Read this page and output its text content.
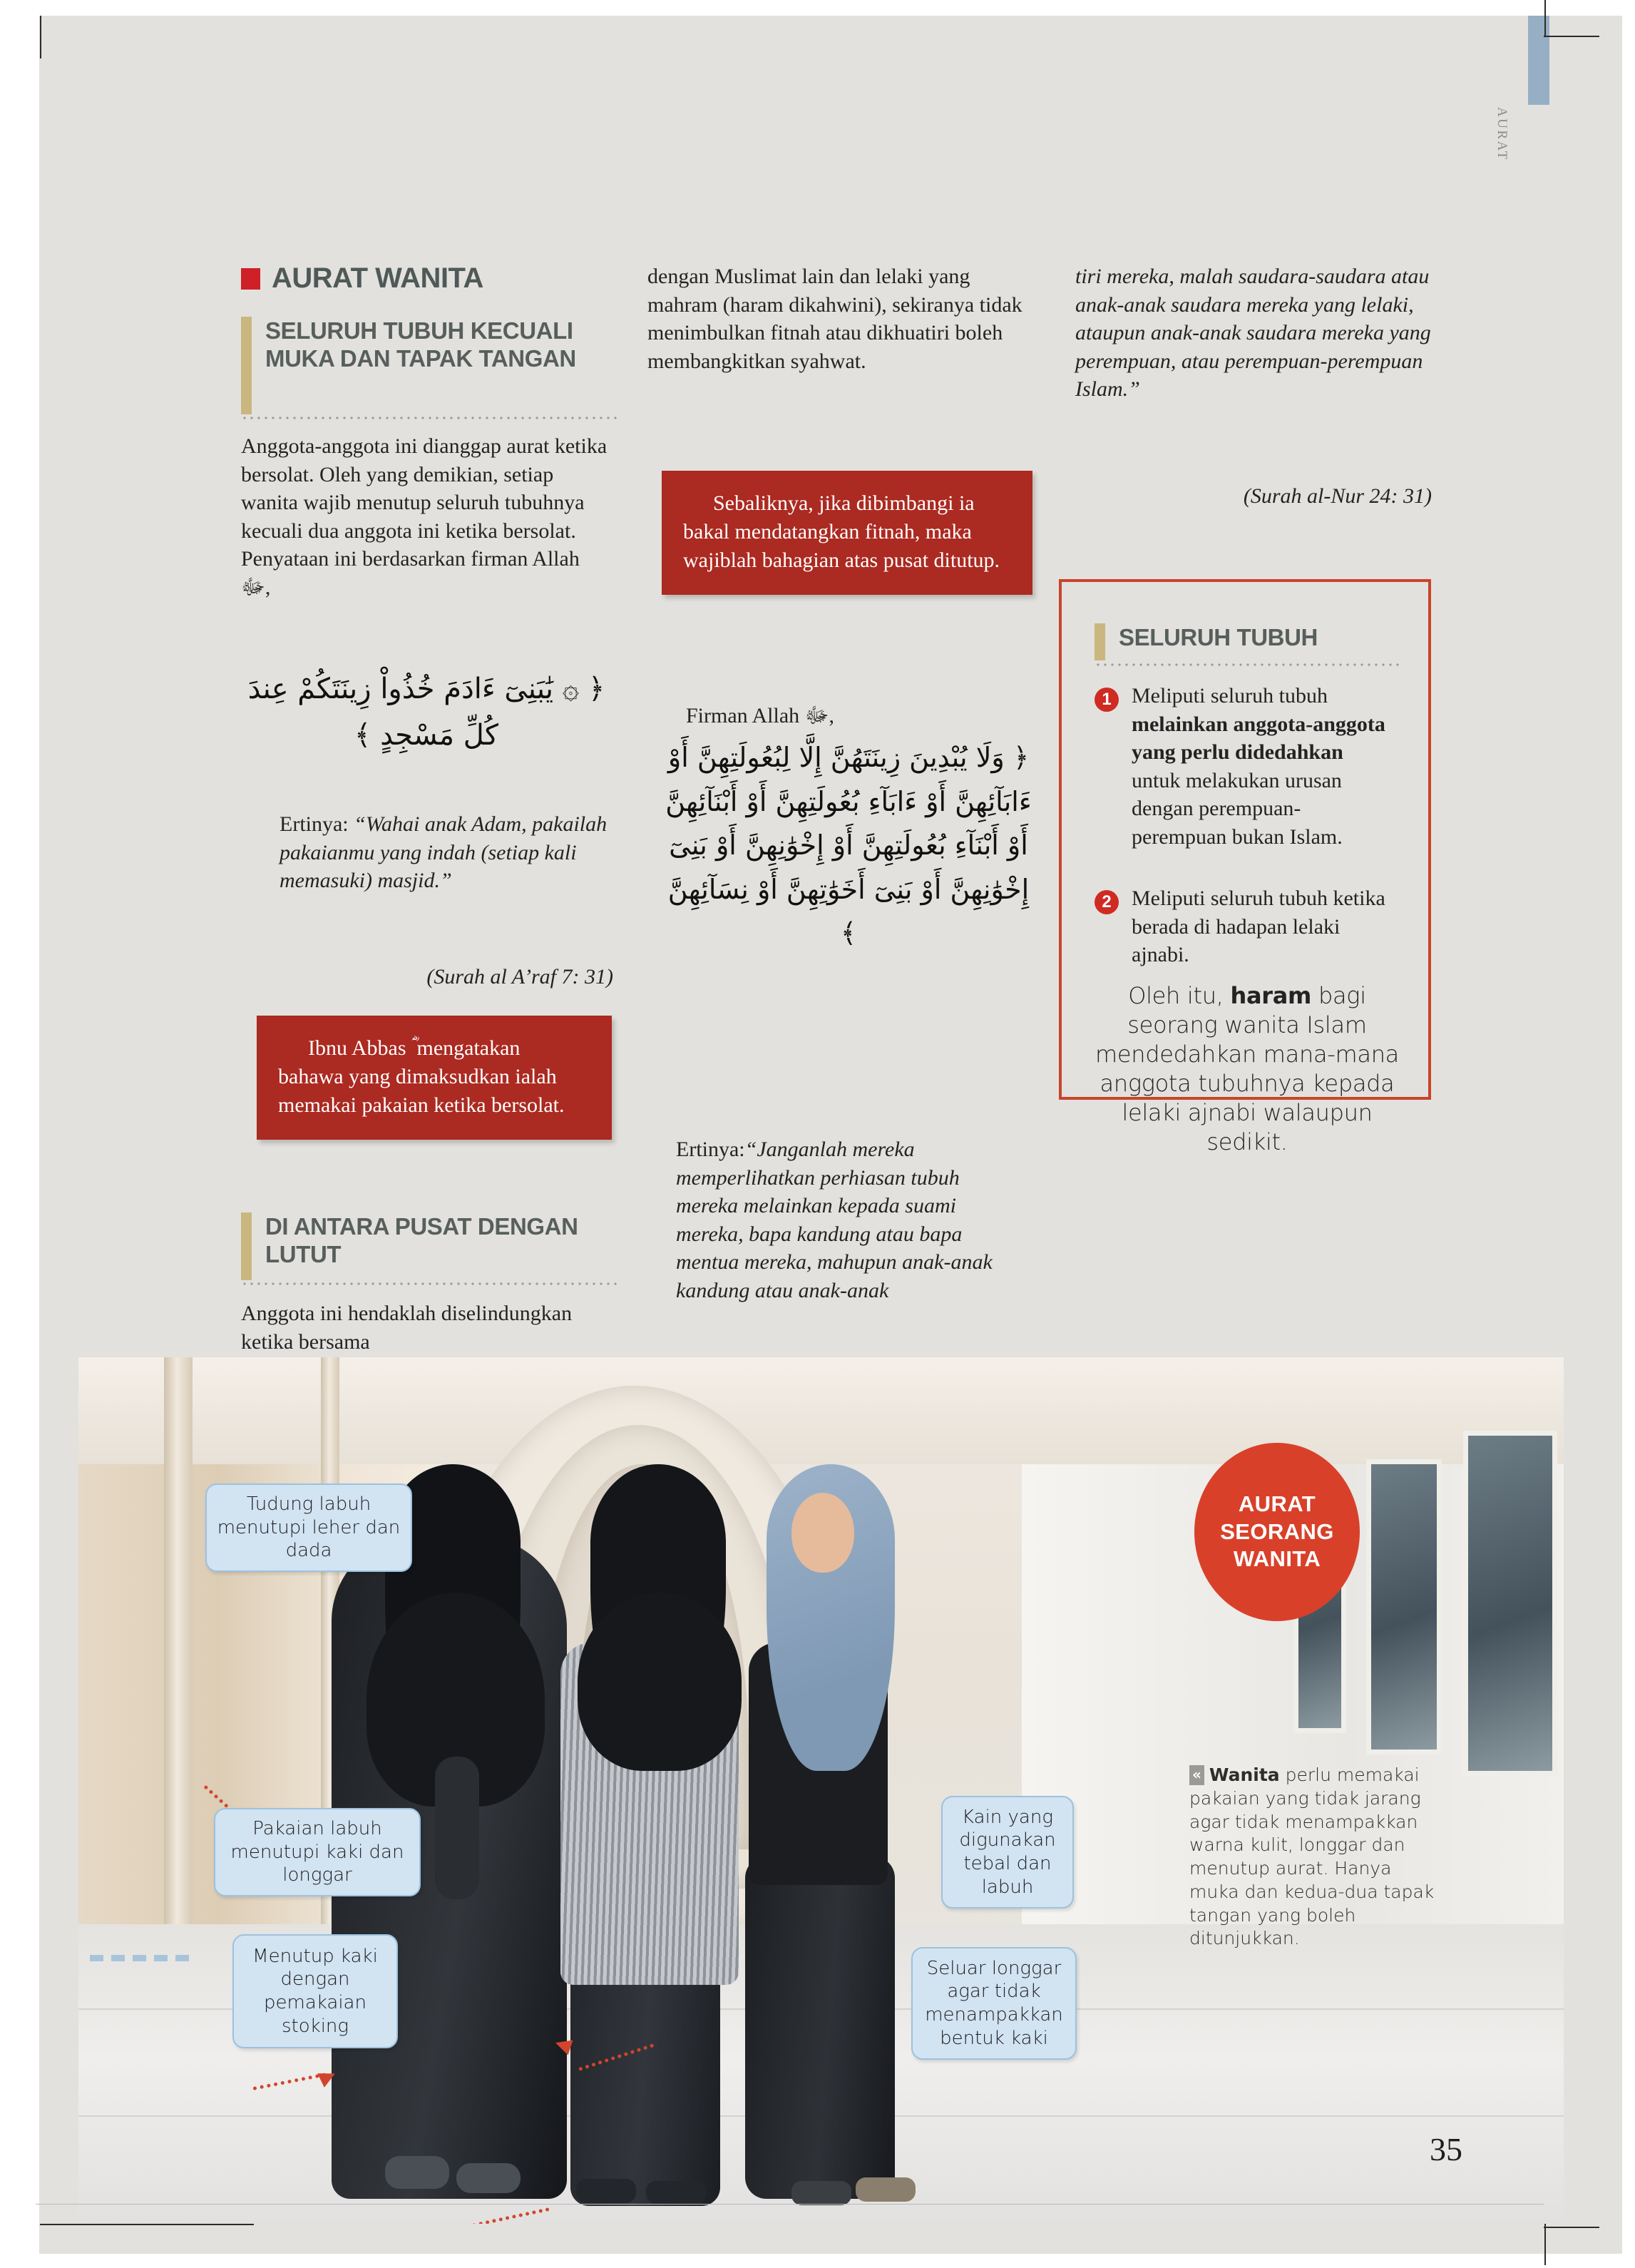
Tudung labuh menutupi leher dan dada
Pakaian labuh menutupi kaki dan longgar
Menutup kaki dengan pemakaian stoking
Kain yang digunakan tebal dan labuh
Seluar longgar agar tidak menampakkan bentuk kaki
AURAT
SEORANG
WANITA
« Wanita perlu memakai pakaian yang tidak jarang agar tidak menampakkan warna kulit, longgar dan menutup aurat. Hanya muka dan kedua-dua tapak tangan yang boleh ditunjukkan.
35
AURAT
AURAT WANITA
SELURUH TUBUH KECUALI MUKA DAN TAPAK TANGAN
Anggota-anggota ini dianggap aurat ketika bersolat. Oleh yang demikian, setiap wanita wajib menutup seluruh tubuhnya kecuali dua anggota ini ketika bersolat. Penyataan ini berdasarkan firman Allah ﷻ,
﴿ ۞ يَٰبَنِىٓ ءَادَمَ خُذُواْ زِينَتَكُمْ عِندَ كُلِّ مَسْجِدٍ ﴾
Ertinya: “Wahai anak Adam, pakailah pakaianmu yang indah (setiap kali memasuki) masjid.”
(Surah al A’raf 7: 31)
Ibnu Abbas ؓ mengatakan bahawa yang dimaksudkan ialah memakai pakaian ketika bersolat.
DI ANTARA PUSAT DENGAN LUTUT
Anggota ini hendaklah diselindungkan ketika bersama
dengan Muslimat lain dan lelaki yang mahram (haram dikahwini), sekiranya tidak menimbulkan fitnah atau dikhuatiri boleh membangkitkan syahwat.
Sebaliknya, jika dibimbangi ia bakal mendatangkan fitnah, maka wajiblah bahagian atas pusat ditutup.
Firman Allah ﷻ,
﴿ وَلَا يُبْدِينَ زِينَتَهُنَّ إِلَّا لِبُعُولَتِهِنَّ أَوْ ءَابَآئِهِنَّ أَوْ ءَابَآءِ بُعُولَتِهِنَّ أَوْ أَبْنَآئِهِنَّ أَوْ أَبْنَآءِ بُعُولَتِهِنَّ أَوْ إِخْوَٰنِهِنَّ أَوْ بَنِىٓ إِخْوَٰنِهِنَّ أَوْ بَنِىٓ أَخَوَٰتِهِنَّ أَوْ نِسَآئِهِنَّ ﴾
Ertinya:“Janganlah mereka memperlihatkan perhiasan tubuh mereka melainkan kepada suami mereka, bapa kandung atau bapa mentua mereka, mahupun anak-anak kandung atau anak-anak
tiri mereka, malah saudara-saudara atau anak-anak saudara mereka yang lelaki, ataupun anak-anak saudara mereka yang perempuan, atau perempuan-perempuan Islam.”
(Surah al-Nur 24: 31)
SELURUH TUBUH
1 Meliputi seluruh tubuh melainkan anggota-anggota yang perlu didedahkan untuk melakukan urusan dengan perempuan-perempuan bukan Islam.
2 Meliputi seluruh tubuh ketika berada di hadapan lelaki ajnabi.
Oleh itu, haram bagi seorang wanita Islam mendedahkan mana-mana anggota tubuhnya kepada lelaki ajnabi walaupun sedikit.
